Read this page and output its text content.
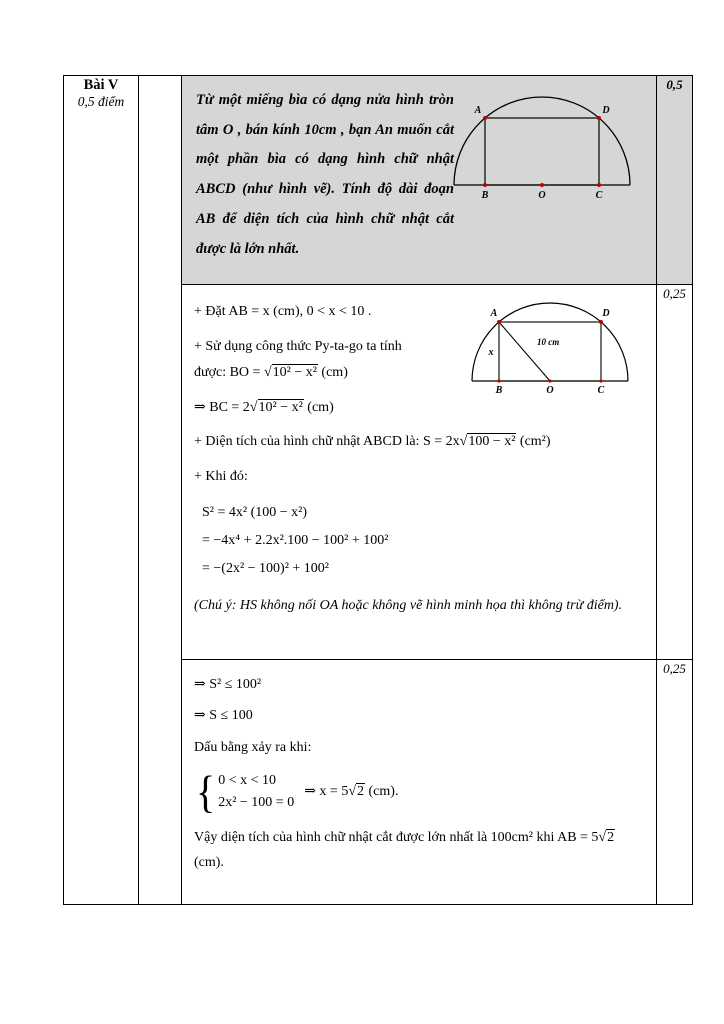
Bài V
0,5 điểm

A	D
B	O	C
Từ một miếng bìa có dạng nửa hình tròn tâm O , bán kính 10cm , bạn An muốn cắt một phần bìa có dạng hình chữ nhật ABCD (như hình vẽ). Tính độ dài đoạn AB để diện tích của hình chữ nhật cắt được là lớn nhất.
	0,5

A	D
B	O	C
x
10 cm

+ Đặt AB = x (cm), 0 < x < 10 .

+ Sử dụng công thức Py-ta-go ta tính được: BO = √10² − x² (cm)

⇒ BC = 2√10² − x² (cm)

+ Diện tích của hình chữ nhật ABCD là: S = 2x√100 − x² (cm²)

+ Khi đó:

S² = 4x² (100 − x²)
= −4x⁴ + 2.2x².100 − 100² + 100²
= −(2x² − 100)² + 100²

(Chú ý: HS không nối OA hoặc không vẽ hình minh họa thì không trừ điểm).

	0,25

⇒ S² ≤ 100²

⇒ S ≤ 100

Dấu bằng xảy ra khi:

{ 0 < x < 10
2x² − 100 = 0
⇒ x = 5√2 (cm).

Vậy diện tích của hình chữ nhật cắt được lớn nhất là 100cm² khi AB = 5√2 (cm).

	0,25
